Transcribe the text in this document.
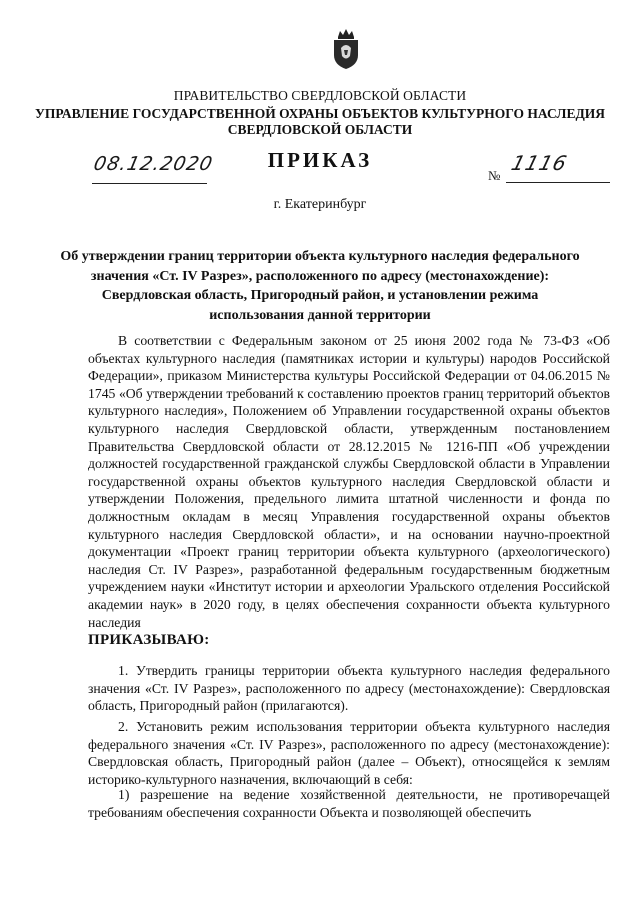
ПРАВИТЕЛЬСТВО СВЕРДЛОВСКОЙ ОБЛАСТИ
УПРАВЛЕНИЕ ГОСУДАРСТВЕННОЙ ОХРАНЫ ОБЪЕКТОВ КУЛЬТУРНОГО НАСЛЕДИЯ СВЕРДЛОВСКОЙ ОБЛАСТИ
ПРИКАЗ
08.12.2020
№
1116
г. Екатеринбург
Об утверждении границ территории объекта культурного наследия федерального значения «Ст. IV Разрез», расположенного по адресу (местонахождение): Свердловская область, Пригородный район, и установлении режима использования данной территории
В соответствии с Федеральным законом от 25 июня 2002 года № 73-ФЗ «Об объектах культурного наследия (памятниках истории и культуры) народов Российской Федерации», приказом Министерства культуры Российской Федерации от 04.06.2015 № 1745 «Об утверждении требований к составлению проектов границ территорий объектов культурного наследия», Положением об Управлении государственной охраны объектов культурного наследия Свердловской области, утвержденным постановлением Правительства Свердловской области от 28.12.2015 № 1216-ПП «Об учреждении должностей государственной гражданской службы Свердловской области в Управлении государственной охраны объектов культурного наследия Свердловской области и утверждении Положения, предельного лимита штатной численности и фонда по должностным окладам в месяц Управления государственной охраны объектов культурного наследия Свердловской области», и на основании научно-проектной документации «Проект границ территории объекта культурного (археологического) наследия Ст. IV Разрез», разработанной федеральным государственным бюджетным учреждением науки «Институт истории и археологии Уральского отделения Российской академии наук» в 2020 году, в целях обеспечения сохранности объекта культурного наследия
ПРИКАЗЫВАЮ:
1. Утвердить границы территории объекта культурного наследия федерального значения «Ст. IV Разрез», расположенного по адресу (местонахождение): Свердловская область, Пригородный район (прилагаются).
2. Установить режим использования территории объекта культурного наследия федерального значения «Ст. IV Разрез», расположенного по адресу (местонахождение): Свердловская область, Пригородный район (далее – Объект), относящейся к землям историко-культурного назначения, включающий в себя:
1) разрешение на ведение хозяйственной деятельности, не противоречащей требованиям обеспечения сохранности Объекта и позволяющей обеспечить
